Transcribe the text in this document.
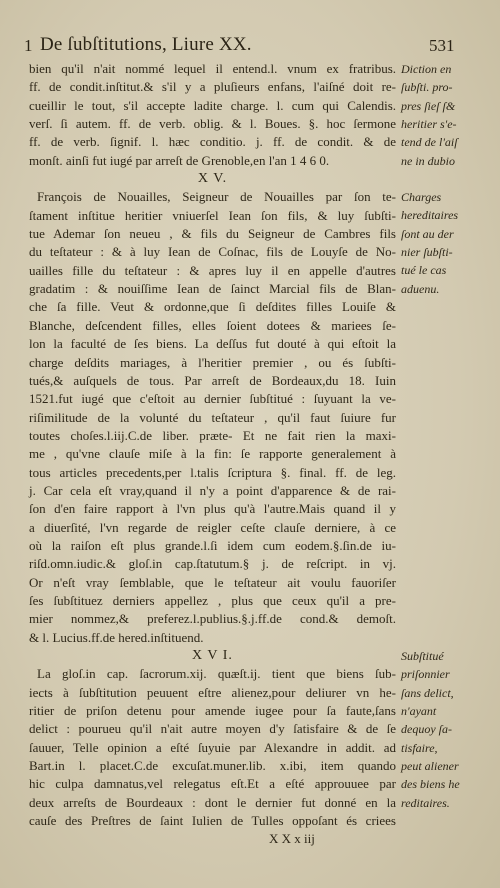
1 De ſubſtitutions, Liure XX.	531
bien qu'il n'ait nommé lequel il entend.l. vnum ex fratribus.
ff. de condit.inſtitut.& s'il y a pluſieurs enfans, l'aiſné doit re-
cueillir le tout, s'il accepte ladite charge. l. cum qui Calendis.
verſ. ſi autem. ff. de verb. oblig. & l. Boues. §. hoc ſermone
ff. de verb. ſignif. l. hæc conditio. j. ff. de condit. & de
monſt. ainſi fut iugé par arreſt de Grenoble,en l'an 1 4 6 0.
X V.
François de Nouailles, Seigneur de Nouailles par ſon te-
ſtament inſtitue heritier vniuerſel Iean ſon fils, & luy ſubſti-
tue Ademar ſon neueu , & fils du Seigneur de Cambres fils
du teſtateur : & à luy Iean de Coſnac, fils de Louyſe de No-
uailles fille du teſtateur : & apres luy il en appelle d'autres
gradatim : & nouiſſime Iean de ſainct Marcial fils de Blan-
che ſa fille. Veut & ordonne,que ſi deſdites filles Louiſe &
Blanche, deſcendent filles, elles ſoient dotees & mariees ſe-
lon la faculté de ſes biens. La deſſus fut douté à qui eſtoit la
charge deſdits mariages, à l'heritier premier , ou és ſubſti-
tués,& auſquels de tous. Par arreſt de Bordeaux,du 18. Iuin
1521.fut iugé que c'eſtoit au dernier ſubſtitué : ſuyuant la ve-
riſimilitude de la volunté du teſtateur , qu'il faut ſuiure fur
toutes choſes.l.iij.C.de liber. præte- Et ne fait rien la maxi-
me , qu'vne clauſe miſe à la fin: ſe rapporte generalement à
tous articles precedents,per l.talis ſcriptura §. final. ff. de leg.
j. Car cela eſt vray,quand il n'y a point d'apparence & de rai-
ſon d'en faire rapport à l'vn plus qu'à l'autre.Mais quand il y
a diuerſité, l'vn regarde de reigler ceſte clauſe derniere, à ce
où la raiſon eſt plus grande.l.ſi idem cum eodem.§.ſin.de iu-
riſd.omn.iudic.& gloſ.in cap.ſtatutum.§ j. de reſcript. in vj.
Or n'eſt vray ſemblable, que le teſtateur ait voulu fauoriſer
ſes ſubſtituez derniers appellez , plus que ceux qu'il a pre-
mier nommez,& preferez.l.publius.§.j.ff.de cond.& demoſt.
& l. Lucius.ff.de hered.inſtituend.
X V I.
La gloſ.in cap. ſacrorum.xij. quæſt.ij. tient que biens ſub-
iects à ſubſtitution peuuent eſtre alienez,pour deliurer vn he-
ritier de priſon detenu pour amende iugee pour ſa faute,ſans
delict : pourueu qu'il n'ait autre moyen d'y ſatisfaire & de ſe
ſauuer, Telle opinion a eſté ſuyuie par Alexandre in addit. ad
Bart.in l. placet.C.de excuſat.muner.lib. x.ibi, item quando
hic culpa damnatus,vel relegatus eſt.Et a eſté approuuee par
deux arreſts de Bourdeaux : dont le dernier fut donné en la
cauſe des Preſtres de ſaint Iulien de Tulles oppoſant és criees
X X x iij
Diction en
ſubſti. pro-
pres ſieſ ſ&
heritier s'e-
tend de l'aiſ
ne in dubio
Charges
hereditaires
ſont au der
nier ſubſti-
tué le cas
aduenu.
Subſtitué
priſonnier
ſans delict,
n'ayant
dequoy ſa-
tisfaire,
peut aliener
des biens he
reditaires.
